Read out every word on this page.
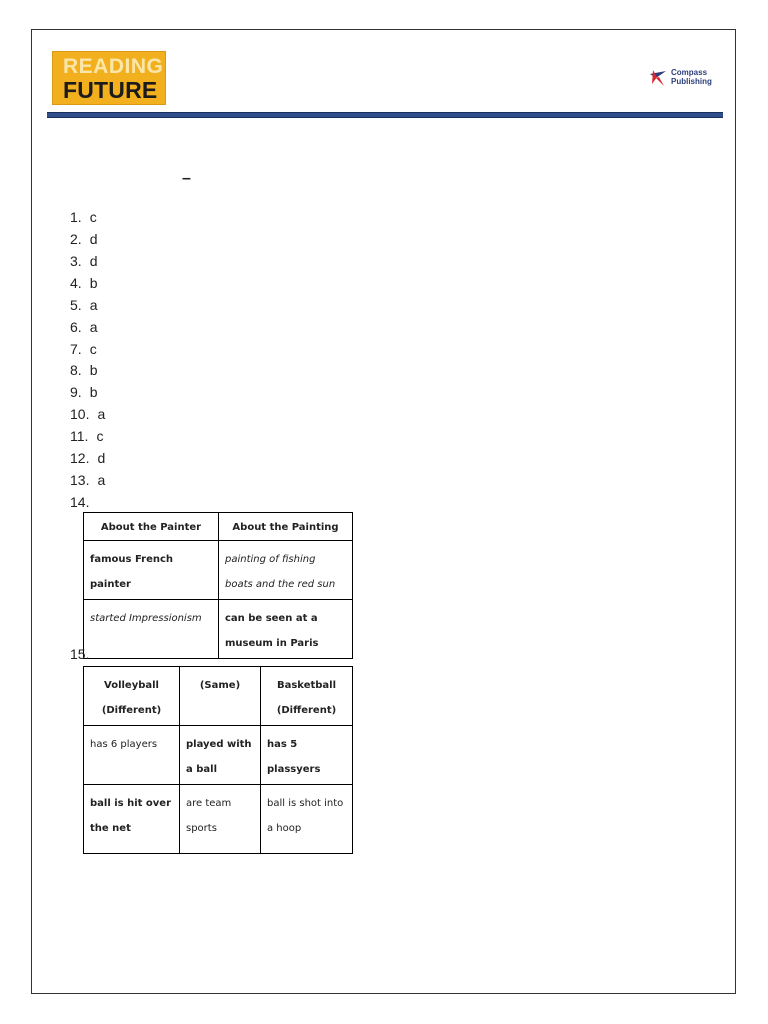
READING
FUTURE
Compass
Publishing
–
1. c
2. d
3. d
4. b
5. a
6. a
7. c
8. b
9. b
10. a
11. c
12. d
13. a
14.
About the Painter	About the Painting
famous French painter	painting of fishing boats and the red sun
started Impressionism	can be seen at a museum in Paris
15.
Volleyball (Different)	(Same)	Basketball (Different)
has 6 players	played with a ball	has 5 plassyers
ball is hit over the net	are team sports	ball is shot into a hoop
